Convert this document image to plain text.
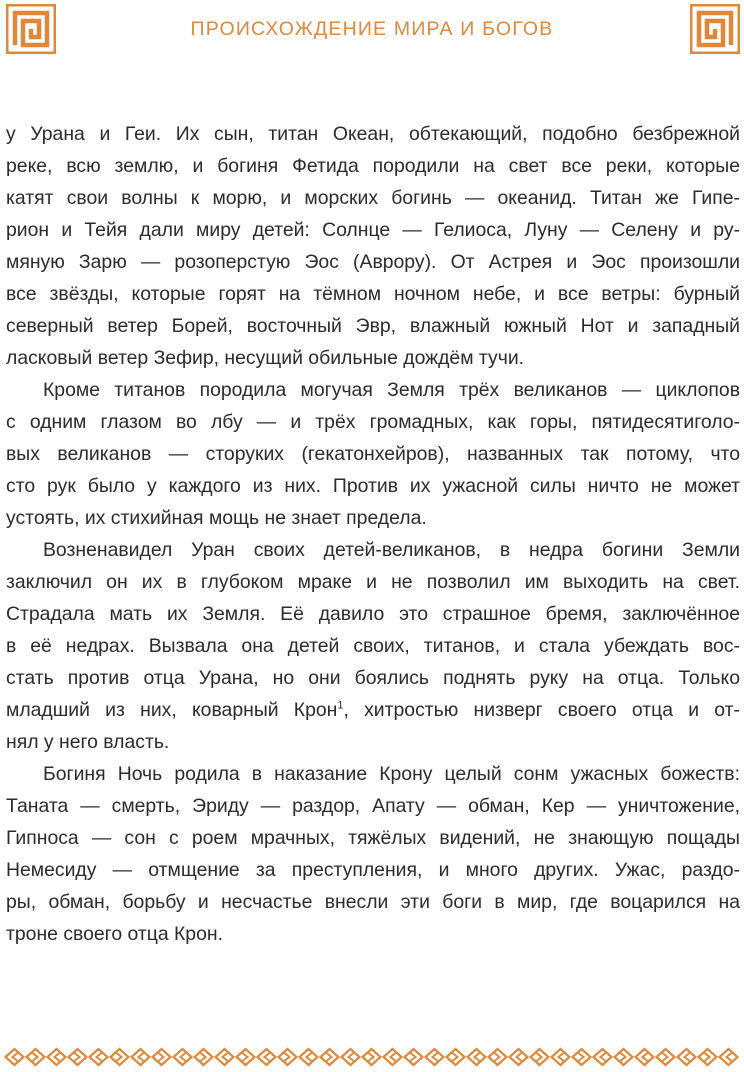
ПРОИСХОЖДЕНИЕ МИРА И БОГОВ
у Урана и Геи. Их сын, титан Океан, обтекающий, подобно безбрежной
реке, всю землю, и богиня Фетида породили на свет все реки, которые
катят свои волны к морю, и морских богинь — океанид. Титан же Гипе-
рион и Тейя дали миру детей: Солнце — Гелиоса, Луну — Селену и ру-
мяную Зарю — розоперстую Эос (Аврору). От Астрея и Эос произошли
все звёзды, которые горят на тёмном ночном небе, и все ветры: бурный
северный ветер Борей, восточный Эвр, влажный южный Нот и западный
ласковый ветер Зефир, несущий обильные дождём тучи.
Кроме титанов породила могучая Земля трёх великанов — циклопов
с одним глазом во лбу — и трёх громадных, как горы, пятидесятиголо-
вых великанов — сторуких (гекатонхейров), названных так потому, что
сто рук было у каждого из них. Против их ужасной силы ничто не может
устоять, их стихийная мощь не знает предела.
Возненавидел Уран своих детей-великанов, в недра богини Земли
заключил он их в глубоком мраке и не позволил им выходить на свет.
Страдала мать их Земля. Её давило это страшное бремя, заключённое
в её недрах. Вызвала она детей своих, титанов, и стала убеждать вос-
стать против отца Урана, но они боялись поднять руку на отца. Только
младший из них, коварный Крон$^1$, хитростью низверг своего отца и от-
нял у него власть.
Богиня Ночь родила в наказание Крону целый сонм ужасных божеств:
Таната — смерть, Эриду — раздор, Апату — обман, Кер — уничтожение,
Гипноса — сон с роем мрачных, тяжёлых видений, не знающую пощады
Немесиду — отмщение за преступления, и много других. Ужас, раздо-
ры, обман, борьбу и несчастье внесли эти боги в мир, где воцарился на
троне своего отца Крон.
